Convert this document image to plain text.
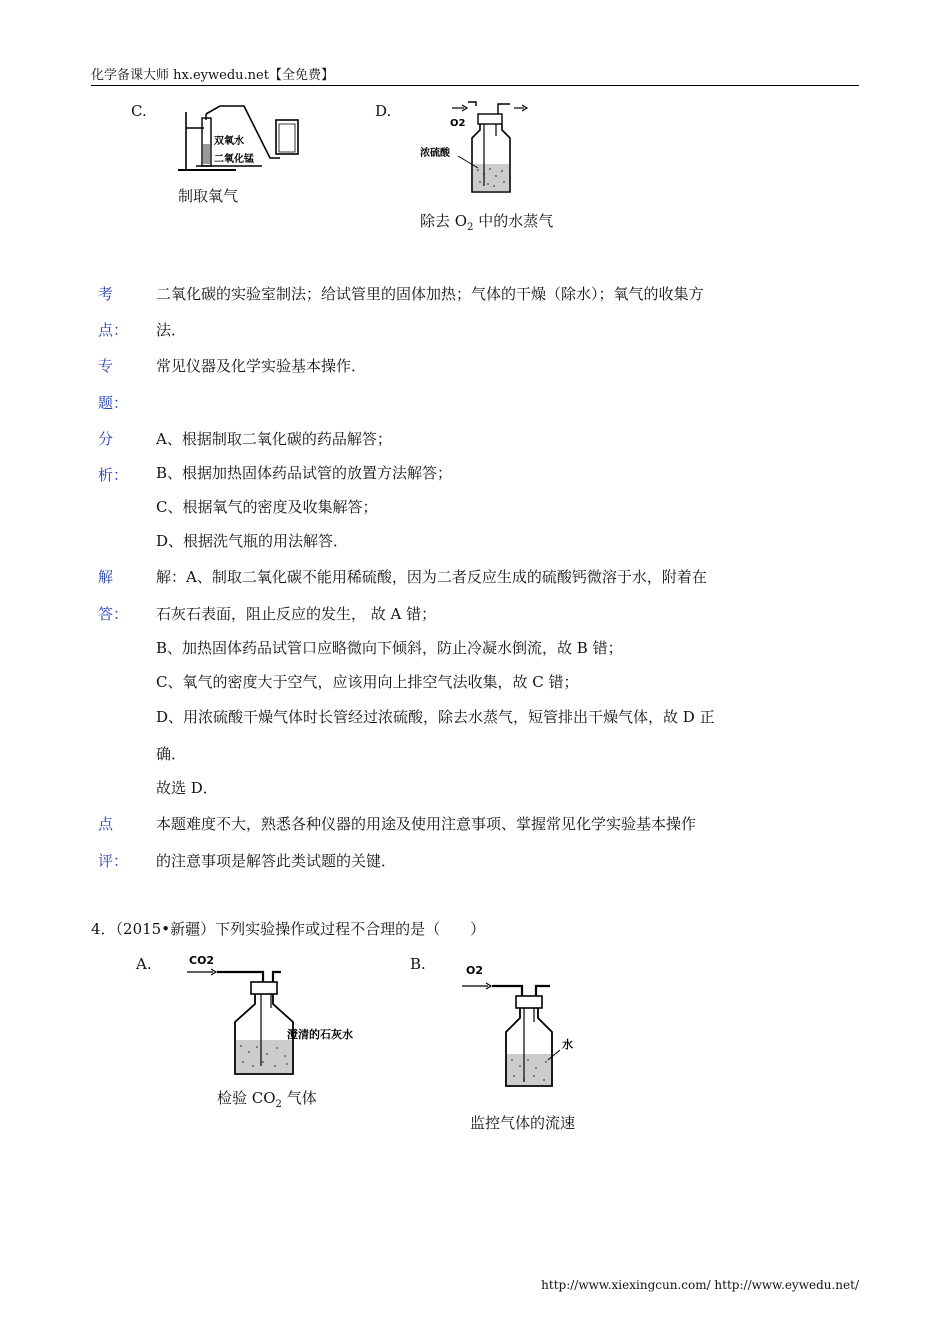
化学备课大师 hx.eywedu.net【全免费】
C.
双氧水
二氧化锰
制取氧气
D.
O2
浓硫酸
除去 $O_2$ 中的水蒸气
考
点：
二氧化碳的实验室制法；给试管里的固体加热；气体的干燥（除水）；氧气的收集方
法．
专
题：
常见仪器及化学实验基本操作．
分
析：
A、根据制取二氧化碳的药品解答；
B、根据加热固体药品试管的放置方法解答；
C、根据氧气的密度及收集解答；
D、根据洗气瓶的用法解答．
解
答：
解：A、制取二氧化碳不能用稀硫酸，因为二者反应生成的硫酸钙微溶于水，附着在
石灰石表面，阻止反应的发生， 故 A 错；
B、加热固体药品试管口应略微向下倾斜，防止冷凝水倒流，故 B 错；
C、氧气的密度大于空气，应该用向上排空气法收集，故 C 错；
D、用浓硫酸干燥气体时长管经过浓硫酸，除去水蒸气，短管排出干燥气体，故 D 正
确．
故选 D．
点
评：
本题难度不大，熟悉各种仪器的用途及使用注意事项、掌握常见化学实验基本操作
的注意事项是解答此类试题的关键．
4．（2015•新疆）下列实验操作或过程不合理的是（　　）
A.	CO2
澄清的石灰水
检验 $CO_2$ 气体
B.	O2
水
监控气体的流速
http://www.xiexingcun.com/ http://www.eywedu.net/
